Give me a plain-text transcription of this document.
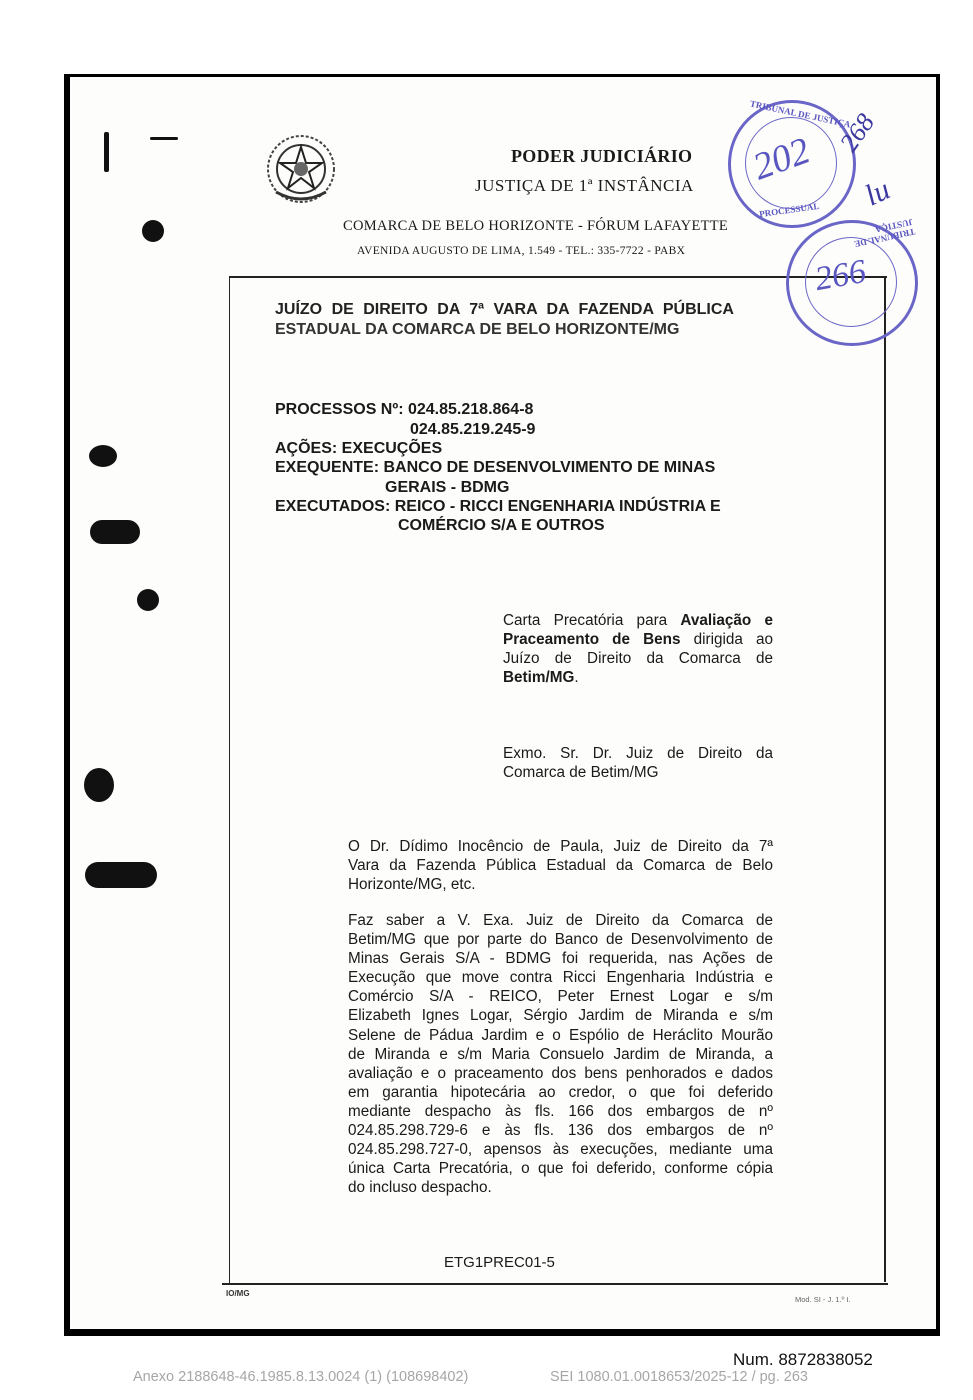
PODER JUDICIÁRIO
JUSTIÇA DE 1ª INSTÂNCIA
COMARCA DE BELO HORIZONTE - FÓRUM LAFAYETTE
AVENIDA AUGUSTO DE LIMA, 1.549 - TEL.: 335-7722 - PABX
JUÍZO DE DIREITO DA 7ª VARA DA FAZENDA PÚBLICA
ESTADUAL DA COMARCA DE BELO HORIZONTE/MG
PROCESSOS Nº: 024.85.218.864-8
024.85.219.245-9
AÇÕES: EXECUÇÕES
EXEQUENTE: BANCO DE DESENVOLVIMENTO DE MINAS
GERAIS - BDMG
EXECUTADOS: REICO - RICCI ENGENHARIA INDÚSTRIA E
COMÉRCIO S/A E OUTROS
Carta Precatória para Avaliação e
Praceamento de Bens dirigida ao
Juízo de Direito da Comarca de
Betim/MG.
Exmo. Sr. Dr. Juiz de Direito da
Comarca de Betim/MG
O Dr. Dídimo Inocêncio de Paula, Juiz de Direito da 7ª
Vara da Fazenda Pública Estadual da Comarca de Belo
Horizonte/MG, etc.
Faz saber a V. Exa. Juiz de Direito da Comarca de
Betim/MG que por parte do Banco de Desenvolvimento de
Minas Gerais S/A - BDMG foi requerida, nas Ações de
Execução que move contra Ricci Engenharia Indústria e
Comércio S/A - REICO, Peter Ernest Logar e s/m
Elizabeth Ignes Logar, Sérgio Jardim de Miranda e s/m
Selene de Pádua Jardim e o Espólio de Heráclito Mourão
de Miranda e s/m Maria Consuelo Jardim de Miranda, a
avaliação e o praceamento dos bens penhorados e dados
em garantia hipotecária ao credor, o que foi deferido
mediante despacho às fls. 166 dos embargos de nº
024.85.298.729-6 e às fls. 136 dos embargos de nº
024.85.298.727-0, apensos às execuções, mediante uma
única Carta Precatória, o que foi deferido, conforme cópia
do incluso despacho.
ETG1PREC01-5
IO/MG
Mod. SI - J. 1.º I.
TRIBUNAL DE JUSTIÇA
PROCESSUAL
202 268
lu
TRIBUNAL DE JUSTIÇA
266
Num. 8872838052
Anexo 2188648-46.1985.8.13.0024 (1) (108698402)	SEI 1080.01.0018653/2025-12 / pg. 263
